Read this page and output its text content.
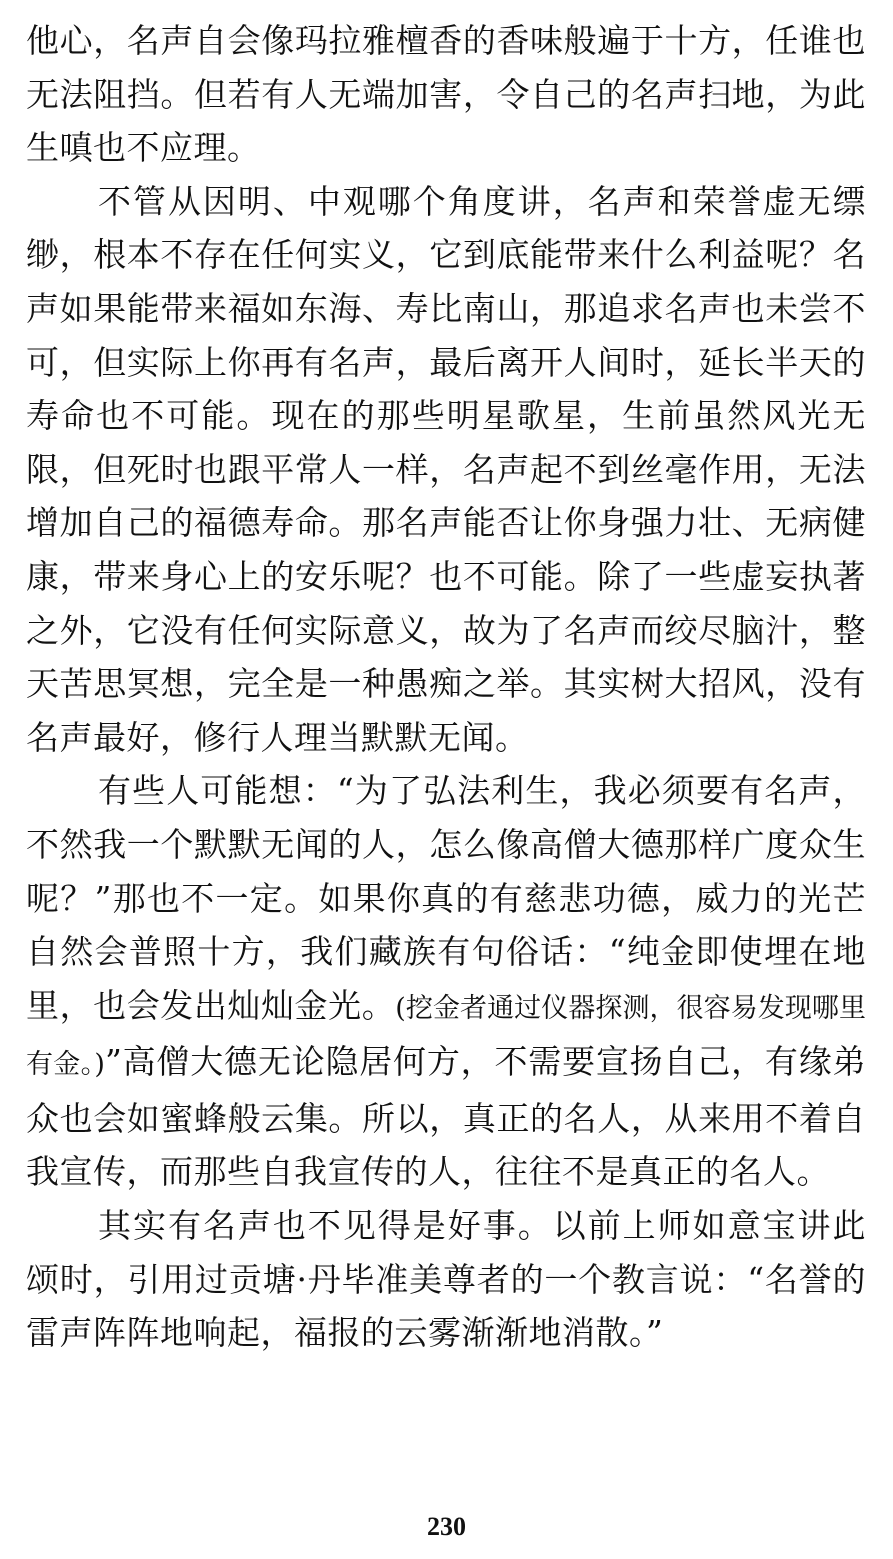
他心，名声自会像玛拉雅檀香的香味般遍于十方，任谁也无法阻挡。但若有人无端加害，令自己的名声扫地，为此生嗔也不应理。

不管从因明、中观哪个角度讲，名声和荣誉虚无缥缈，根本不存在任何实义，它到底能带来什么利益呢？名声如果能带来福如东海、寿比南山，那追求名声也未尝不可，但实际上你再有名声，最后离开人间时，延长半天的寿命也不可能。现在的那些明星歌星，生前虽然风光无限，但死时也跟平常人一样，名声起不到丝毫作用，无法增加自己的福德寿命。那名声能否让你身强力壮、无病健康，带来身心上的安乐呢？也不可能。除了一些虚妄执著之外，它没有任何实际意义，故为了名声而绞尽脑汁，整天苦思冥想，完全是一种愚痴之举。其实树大招风，没有名声最好，修行人理当默默无闻。

有些人可能想：“为了弘法利生，我必须要有名声，不然我一个默默无闻的人，怎么像高僧大德那样广度众生呢？”那也不一定。如果你真的有慈悲功德，威力的光芒自然会普照十方，我们藏族有句俗话：“纯金即使埋在地里，也会发出灿灿金光。(挖金者通过仪器探测，很容易发现哪里有金。)”高僧大德无论隐居何方，不需要宣扬自己，有缘弟众也会如蜜蜂般云集。所以，真正的名人，从来用不着自我宣传，而那些自我宣传的人，往往不是真正的名人。

其实有名声也不见得是好事。以前上师如意宝讲此颂时，引用过贡塘·丹毕准美尊者的一个教言说：“名誉的雷声阵阵地响起，福报的云雾渐渐地消散。”

230
